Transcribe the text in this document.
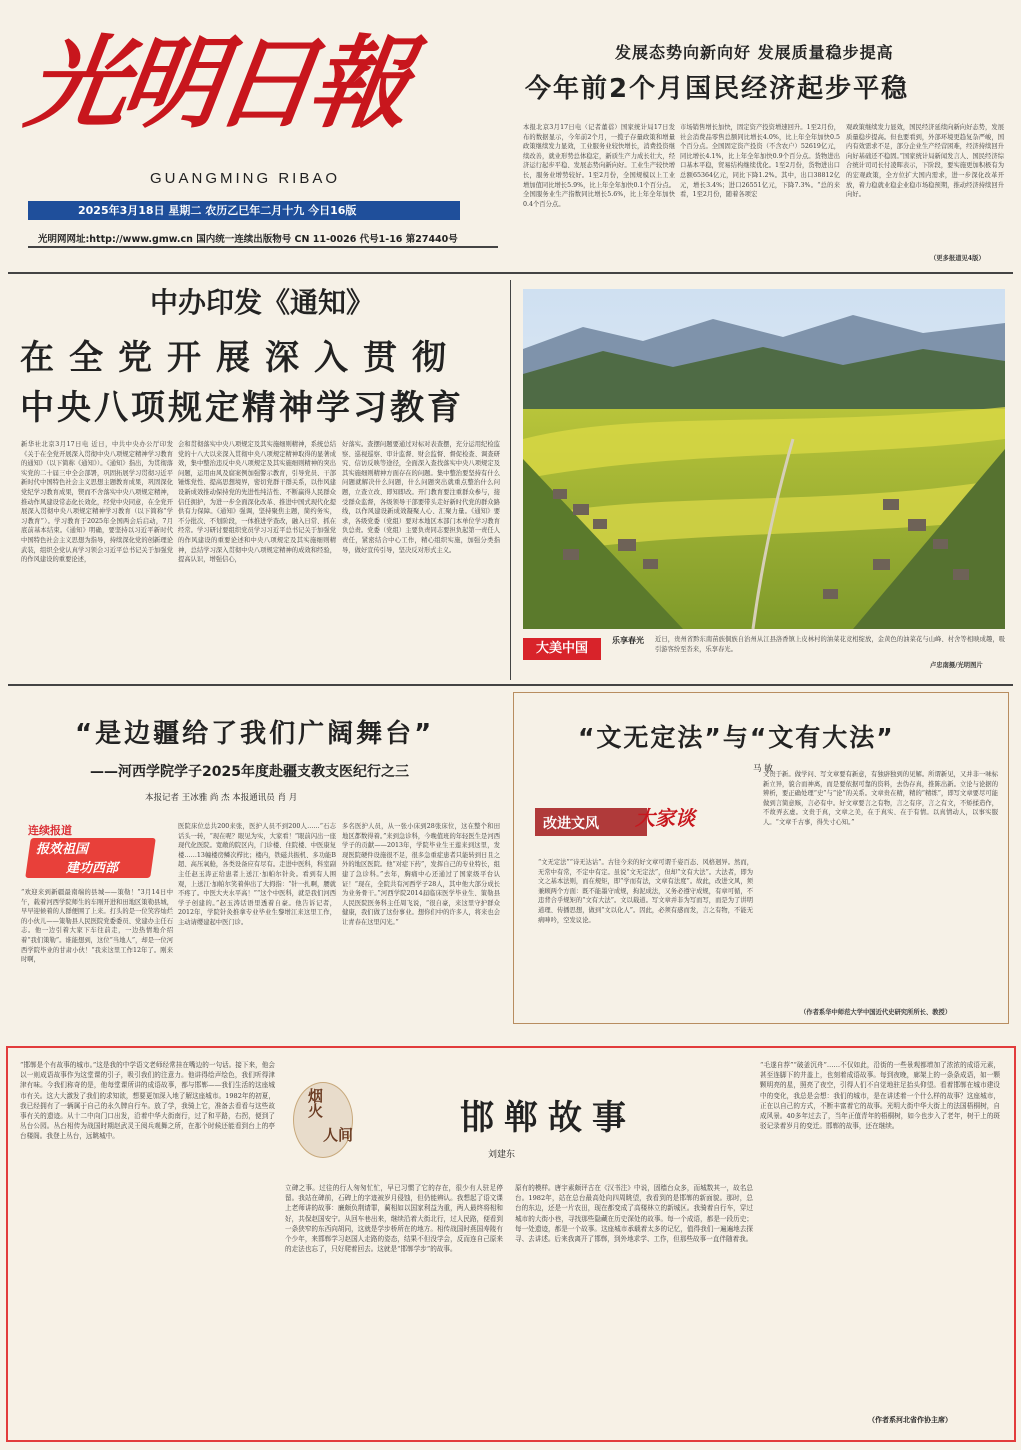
光明日報
GUANGMING RIBAO
2025年3月18日 星期二 农历乙巳年二月十九 今日16版
光明网网址:http://www.gmw.cn 国内统一连续出版物号 CN 11-0026 代号1-16 第27440号
发展态势向新向好 发展质量稳步提高
今年前2个月国民经济起步平稳
本报北京3月17日电（记者董蓓）国家统计局17日发布的数据显示，今年前2个月，一揽子存量政策和增量政策继续发力显效，工业服务业较快增长，消费投资继续改善，就业形势总体稳定，新质生产力成长壮大，经济运行起步平稳、发展态势向新向好。工业生产较快增长，服务业增势较好。1至2月份，全国规模以上工业增加值同比增长5.9%，比上年全年加快0.1个百分点。全国服务业生产指数同比增长5.6%，比上年全年加快0.4个百分点。
市场销售增长加快，固定资产投资增速回升。1至2月份，社会消费品零售总额同比增长4.0%，比上年全年加快0.5个百分点。全国固定资产投资（不含农户）52619亿元，同比增长4.1%，比上年全年加快0.9个百分点。货物进出口基本平稳，贸易结构继续优化。1至2月份，货物进出口总额65364亿元，同比下降1.2%。其中，出口38812亿元，增长3.4%；进口26551亿元，下降7.3%。“总的来看，1至2月份，随着各项宏
观政策继续发力显效，国民经济延续向新向好态势，发展质量稳步提高。但也要看到，外部环境更趋复杂严峻，国内有效需求不足，部分企业生产经营困难，经济持续回升向好基础还不稳固。”国家统计局新闻发言人、国民经济综合统计司司长付凌晖表示，下阶段，要实施更加积极有为的宏观政策，全方位扩大国内需求，进一步深化改革开放，着力稳就业稳企业稳市场稳预期，推动经济持续回升向好。
（更多报道见4版）
中办印发《通知》
在全党开展深入贯彻
中央八项规定精神学习教育
新华社北京3月17日电 近日，中共中央办公厅印发《关于在全党开展深入贯彻中央八项规定精神学习教育的通知》（以下简称《通知》）。《通知》指出，为贯彻落实党的二十届三中全会部署，巩固拓展学习贯彻习近平新时代中国特色社会主义思想主题教育成果，巩固深化党纪学习教育成果，锲而不舍落实中央八项规定精神，推动作风建设常态化长效化，经党中央同意，在全党开展深入贯彻中央八项规定精神学习教育（以下简称“学习教育”）。学习教育于2025年全国两会后启动，7月底前基本结束。《通知》明确，要坚持以习近平新时代中国特色社会主义思想为指导，持续深化党的创新理论武装，组织全党认真学习领会习近平总书记关于加强党的作风建设的重要论述，
会和贯彻落实中央八项规定及其实施细则精神，系统总结党的十八大以来深入贯彻中央八项规定精神取得的显著成效，集中整治违反中央八项规定及其实施细则精神的突出问题，运用由风及腐案例加强警示教育，引导党员、干部锤炼党性、提高思想境界，密切党群干群关系，以作风建设新成效推动保持党的先进性纯洁性、不断赢得人民群众信任拥护，为进一步全面深化改革、推进中国式现代化提供有力保障。《通知》强调，坚持聚焦主题，简约务实，不分批次、不划阶段，一体推进学查改，融入日常、抓在经常。学习研讨要组织党员学习习近平总书记关于加强党的作风建设的重要论述和中央八项规定及其实施细则精神，总结学习深入贯彻中央八项规定精神的成效和经验，提高认识，增强信心，
好落实。查摆问题要通过对标对表查摆，充分运用纪检监察、巡视巡察、审计监督、财会监督、督促检查、调查研究、信访反映等途径，全面深入查找落实中央八项规定及其实施细则精神方面存在的问题。集中整治要坚持有什么问题就解决什么问题，什么问题突出就重点整治什么问题，立查立改、即知即改。开门教育要注重群众参与，接受群众监督，各级领导干部要带头走好新时代党的群众路线，以作风建设新成效凝聚人心、汇聚力量。《通知》要求，各级党委（党组）要对本地区本部门本单位学习教育负总责。党委（党组）主要负责同志要担负起第一责任人责任，紧密结合中心工作，精心组织实施，加强分类指导，做好宣传引导，坚决反对形式主义。
大美中国
乐享春光 近日，贵州省黔东南苗族侗族自治州从江县洛香镇上皮林村的油菜花竞相绽放，金黄色的油菜花与山峰、村舍等相映成趣，吸引游客纷至沓来，乐享春光。
卢忠南摄/光明图片
“是边疆给了我们广阔舞台”
——河西学院学子2025年度赴疆支教支医纪行之三
本报记者 王冰雅 尚 杰 本报通讯员 肖 月
连续报道
报效祖国
建功西部
“欢迎来到新疆最南端的县城——策勒！”3月14日中午，载着河西学院师生的车刚开进和田地区策勒县城，早早迎候着的人群便围了上来。打头的是一位笑容灿烂的小伙儿——策勒县人民医院党委委员、党建办主任石志。他一边引着大家下车往前走，一边热情地介绍着“我们策勒”。谁能想到，这位“当地人”，却是一位河西学院毕业的甘肃小伙！“我来这里工作12年了。刚来时啊，
医院床位总共200来张，医护人员不到200人……“石志话头一转，“现在呢？眼见为实，大家看！”眼前闪出一座现代化医院。宽敞的院区内，门诊楼、住院楼、中医康复楼……13幢楼房鳞次栉比；楼内，铁磁共振机、多功能B超、高压氧舱，各类设备应有尽有。走进中医科，科室副主任赵玉涛正给患者上送江·加帕尔针灸。看到有人围观，上送江·加帕尔笑着伸出了大拇指：“针一扎啊，腰就不疼了。中医大夫水平高！”“这个中医科，就是我们河西学子创建的。”赵玉涛话语里透着自豪。他告诉记者，2012年，学院针灸推拿专业毕业生黎增江来这里工作，主动请缨建起中医门诊。
多名医护人员，从一张小床到28张床位，这在整个和田地区都数得着。”来到急诊科，今晚值班的年轻医生是河西学子的贡献——2013年，学院毕业生王莲来到这里，发现医院硬件设施很不足，很多急重症患者只能转到日且之外的地区医院。他“对症下药”，发挥自己的专业特长，组建了急诊科。”去年，胸痛中心还通过了国家级平台认证！“现在，全院共有河西学子28人，其中他大部分成长为业务骨干。”河西学院2014届临床医学毕业生、策勒县人民医院医务科主任周飞说，“很自豪，来这里守护群众健康，我们做了这份事业。想你们中的许多人，将来也会让青春在这里闪光。”
“文无定法”与“文有大法”
马 敏
改进文风 大家谈
“文无定法”“诗无达诂”。古往今来的好文章可谓千姿百态、风格迥异。然而，无常中有常，不定中有定。虽说“文无定法”，但却“文有大法”。大法者，即为文之基本法则，而在规矩，即“学而有法，文章有法度”。故此，改进文风，须兼顾两个方面：既不能墨守成规，拘泥成法，又务必遵守成规，有章可循，不违背合乎规矩的“文有大法”。文以载道。写文章并非为写而写，而是为了讲明道理、传播思想，做到“文以化人”。因此，必须有感而发，言之有物，不能无病呻吟，空发议论。
文贵于新。做学问、写文章要有新意，有独辟独到的见解。所谓新见，又并非一味标新立异，貌合而神离，而是要依据可靠的资料，去伪存真，推陈出新。立论与论据的辨析，要正确处理“史”与“论”的关系。文章贵在精，精的“精练”，即写文章要尽可能做到言简意赅，言必有中。好文章要言之有物，言之有序，言之有文，不矫揉造作，不故弄玄虚。文贵于真，文章之美，在于真实、在于有情。以真情动人，以事实服人。“文章千古事，得失寸心知。”
（作者系华中师范大学中国近代史研究所所长、教授）
烟火
人间	邯郸故事
刘建东
“邯郸是个有故事的城市。”这是我的中学语文老师经常挂在嘴边的一句话。接下来，他会以一则成语故事作为这堂课的引子，吸引我们的注意力。他讲得绘声绘色，我们听得津津有味。今我们称奇的是，他每堂课所讲的成语故事，都与邯郸——我们生活的这座城市有关。这大大激发了我们的求知欲，想要更加深入地了解这座城市。1982年的初夏，我已经拥有了一辆属于自己的永久牌自行车。放了学，我骑上它，准备去看看与这些故事有关的遗迹。从十二中向门口出发，沿着中华大街南行，过了和平路，右拐，便到了丛台公园。丛台相传为战国时期赵武灵王阅兵观舞之所，在那个时候还能看到台上的亭台楼阁。我登上丛台，远眺城中。
立碑之事。过往的行人匆匆忙忙，早已习惯了它的存在，很少有人驻足停留。我站在碑前，石碑上的字迹被岁月侵蚀，但仍能辨认。我想起了语文课上老师讲的故事：廉颇负荆请罪，蔺相如以国家利益为重，两人最终将相和好，共保赵国安宁。从回车巷出来，继续沿着大街北行，过人民路，便看到一条狭窄的东西向胡同，这就是学步桥所在的地方。相传战国时燕国寿陵有个少年，来邯郸学习赵国人走路的姿态，结果不但没学会，反而连自己原来的走法也忘了，只好爬着回去。这就是“邯郸学步”的故事。
原有的模样。唐宇素颇评古在《汉书注》中说，固穑台众多，而城数其一，故名总台。1982年，站在总台最高处向四周眺望，我看到的是邯郸的新面貌。那时，总台的东边，还是一片农田，现在都变成了高楼林立的新城区。我骑着自行车，穿过城市的大街小巷，寻找那些隐藏在历史深处的故事。每一个成语，都是一段历史；每一处遗迹，都是一个故事。这座城市承载着太多的记忆，值得我们一遍遍地去探寻、去讲述。后来我离开了邯郸，到外地求学、工作，但那些故事一直伴随着我。
“毛遂自荐”“破釜沉舟”……不仅如此，沿街的一些景观都增加了浓浓的成语元素，甚至连脚下的井盖上，也刻着成语故事。每到夜晚，廊架上的一条条成语，如一颗颗明亮的星，照亮了夜空，引得人们不自觉地驻足抬头仰望。看着邯郸在城市建设中的变化，我总是会想：我们的城市，是在讲述着一个什么样的故事？这座城市，正在以自己的方式，不断丰富着它的故事。光明大街中华大街上的法国梧桐树，自成风景。40多年过去了，当年正值青年的梧桐树，如今也步入了老年，树干上的斑驳记录着岁月的变迁。邯郸的故事，还在继续。
（作者系河北省作协主席）
